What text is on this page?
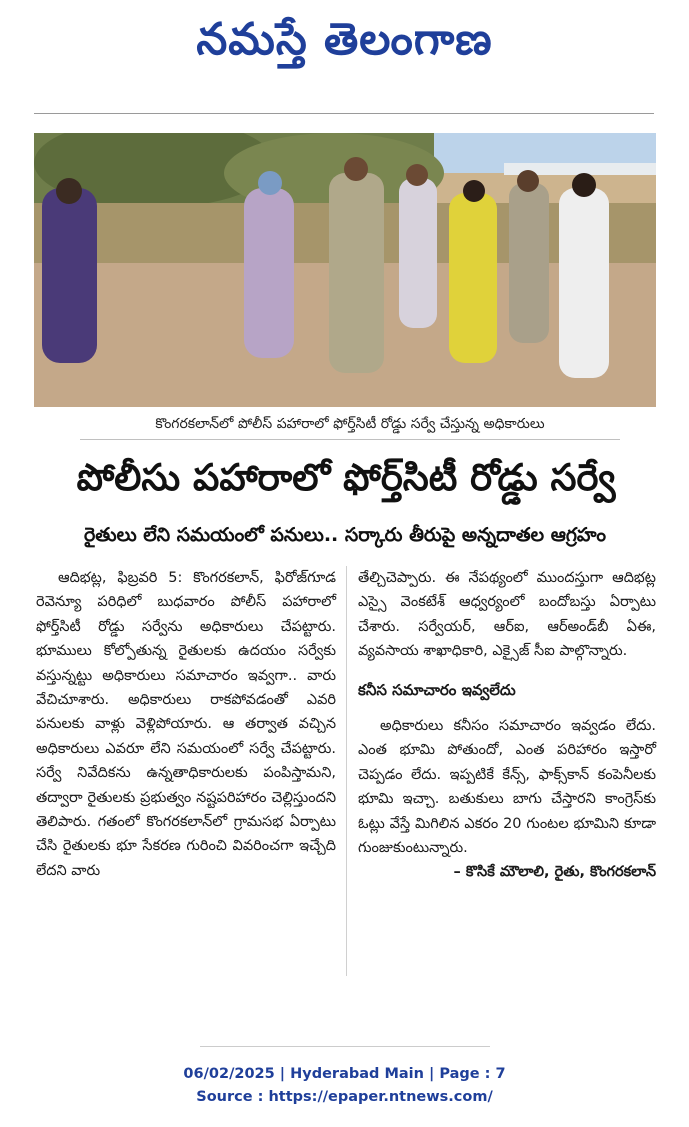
నమస్తే తెలంగాణ
కొంగరకలాన్‌లో పోలీస్ పహారాలో ఫోర్త్‌సిటీ రోడ్డు సర్వే చేస్తున్న అధికారులు
పోలీసు పహారాలో ఫోర్త్‌సిటీ రోడ్డు సర్వే
రైతులు లేని సమయంలో పనులు.. సర్కారు తీరుపై అన్నదాతల ఆగ్రహం
ఆదిభట్ల, ఫిబ్రవరి 5: కొంగరకలాన్, ఫిరోజ్‌గూడ రెవెన్యూ పరిధిలో బుధవారం పోలీస్ పహారాలో ఫోర్త్‌సిటీ రోడ్డు సర్వేను అధికారులు చేపట్టారు. భూములు కోల్పోతున్న రైతులకు ఉదయం సర్వేకు వస్తున్నట్టు అధికారులు సమాచారం ఇవ్వగా.. వారు వేచిచూశారు. అధికారులు రాకపోవడంతో ఎవరి పనులకు వాళ్లు వెళ్లిపోయారు. ఆ తర్వాత వచ్చిన అధికారులు ఎవరూ లేని సమయంలో సర్వే చేపట్టారు. సర్వే నివేదికను ఉన్నతాధికారులకు పంపిస్తామని, తద్వారా రైతులకు ప్రభుత్వం నష్టపరిహారం చెల్లిస్తుందని తెలిపారు. గతంలో కొంగరకలాన్‌లో గ్రామసభ ఏర్పాటు చేసి రైతులకు భూ సేకరణ గురించి వివరించగా ఇచ్చేది లేదని వారు

తేల్చిచెప్పారు. ఈ నేపథ్యంలో ముందస్తుగా ఆదిభట్ల ఎస్సై వెంకటేశ్ ఆధ్వర్యంలో బందోబస్తు ఏర్పాటు చేశారు. సర్వేయర్, ఆర్‌ఐ, ఆర్‌అండ్‌బీ ఏఈ, వ్యవసాయ శాఖాధికారి, ఎక్సైజ్ సీఐ పాల్గొన్నారు.

కనీస సమాచారం ఇవ్వలేదు

అధికారులు కనీసం సమాచారం ఇవ్వడం లేదు. ఎంత భూమి పోతుందో, ఎంత పరిహారం ఇస్తారో చెప్పడం లేదు. ఇప్పటికే కేన్స్, ఫాక్స్‌కాన్ కంపెనీలకు భూమి ఇచ్చా. బతుకులు బాగు చేస్తారని కాంగ్రెస్‌కు ఓట్లు వేస్తే మిగిలిన ఎకరం 20 గుంటల భూమిని కూడా గుంజుకుంటున్నారు.

– కొసికే మౌలాలి, రైతు, కొంగరకలాన్

06/02/2025 | Hyderabad Main | Page : 7
Source : https://epaper.ntnews.com/
